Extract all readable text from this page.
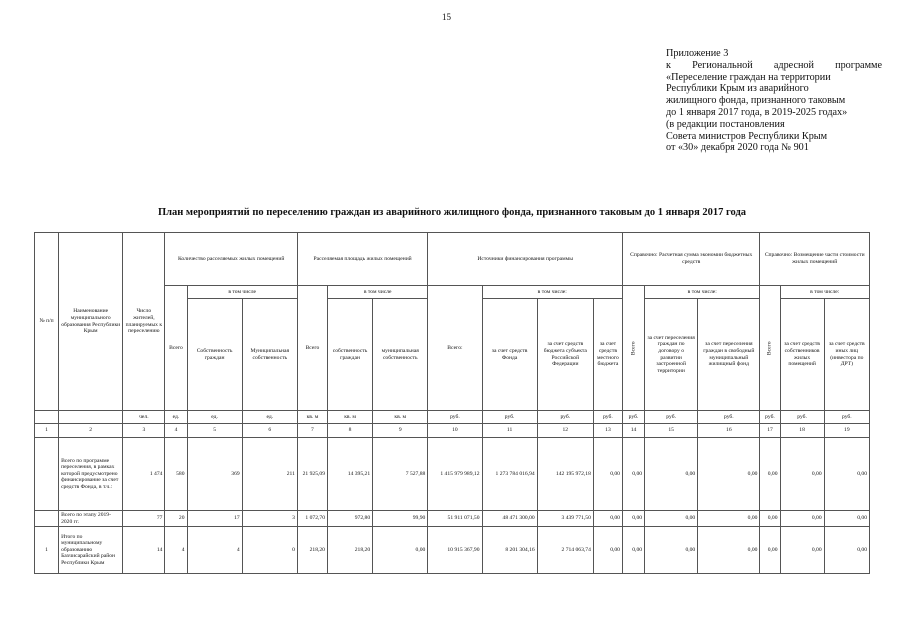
15
Приложение 3
к Региональной адресной программе
«Переселение граждан на территории
Республики Крым из аварийного
жилищного фонда, признанного таковым
до 1 января 2017 года, в 2019-2025 годах»
(в редакции постановления
Совета министров Республики Крым
от «30» декабря 2020 года № 901
План мероприятий по переселению граждан из аварийного жилищного фонда, признанного таковым до 1 января 2017 года
№ п/п	Наименование муниципального образования Республики Крым	Число жителей, планируемых к переселению	Количество расселяемых жилых помещений			Расселяемая площадь жилых помещений			Источники финансирования программы				Справочно: Расчетная сумма экономии бюджетных средств			Справочно: Возмещение части стоимости жилых помещений		
			Всего	в том числе		Всего	в том числе		Всего:	в том числе:			Всего	в том числе:		Всего	в том числе:	
				Собственность граждан	Муниципальная собственность		собственность граждан	муниципальная собственность		за счет средств Фонда	за счет средств бюджета субъекта Российской Федерации	за счет средств местного бюджета		за счет переселения граждан по договору о развитии застроенной территории	за счет переселения граждан в свободный муниципальный жилищный фонд		за счет средств собственников жилых помещений	за счет средств иных лиц (инвестора по ДРТ)
		чел.	ед.	ед.	ед.	кв. м	кв. м	кв. м	руб.	руб.	руб.	руб.	руб.	руб.	руб.	руб.	руб.	руб.
1	2	3	4	5	6	7	8	9	10	11	12	13	14	15	16	17	18	19
	Всего по программе переселения, в рамках которой предусмотрено финансирование за счет средств Фонда, в т.ч.:	1 474	580	369	211	21 925,09	14 395,21	7 527,88	1 415 979 989,12	1 273 784 016,94	142 195 972,18	0,00	0,00	0,00	0,00	0,00	0,00	0,00
	Всего по этапу 2019-2020 гг.	77	20	17	3	1 072,70	972,80	99,90	51 911 071,50	48 471 300,00	3 439 771,50	0,00	0,00	0,00	0,00	0,00	0,00	0,00
1	Итого по муниципальному образованию Бахчисарайский район Республики Крым	14	4	4	0	218,20	218,20	0,00	10 915 367,90	8 201 304,16	2 714 063,74	0,00	0,00	0,00	0,00	0,00	0,00	0,00
